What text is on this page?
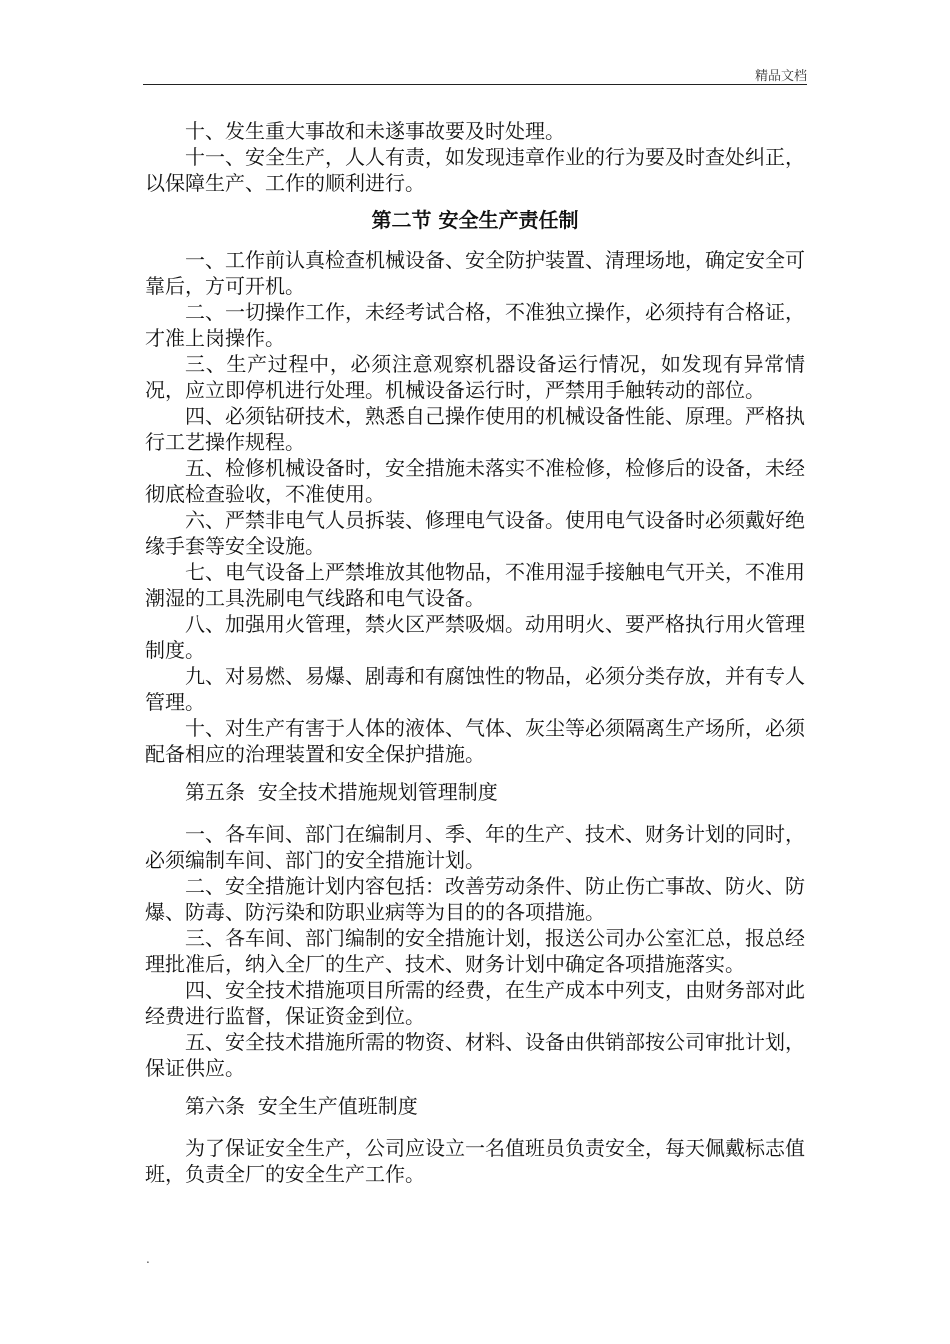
精品文档

十、发生重大事故和未遂事故要及时处理。

十一、安全生产，人人有责，如发现违章作业的行为要及时查处纠正，以保障生产、工作的顺利进行。

第二节 安全生产责任制

一、工作前认真检查机械设备、安全防护装置、清理场地，确定安全可靠后，方可开机。

二、一切操作工作，未经考试合格，不准独立操作，必须持有合格证，才准上岗操作。

三、生产过程中，必须注意观察机器设备运行情况，如发现有异常情况，应立即停机进行处理。机械设备运行时，严禁用手触转动的部位。

四、必须钻研技术，熟悉自己操作使用的机械设备性能、原理。严格执行工艺操作规程。

五、检修机械设备时，安全措施未落实不准检修，检修后的设备，未经彻底检查验收，不准使用。

六、严禁非电气人员拆装、修理电气设备。使用电气设备时必须戴好绝缘手套等安全设施。

七、电气设备上严禁堆放其他物品，不准用湿手接触电气开关，不准用潮湿的工具洗刷电气线路和电气设备。

八、加强用火管理，禁火区严禁吸烟。动用明火、要严格执行用火管理制度。

九、对易燃、易爆、剧毒和有腐蚀性的物品，必须分类存放，并有专人管理。

十、对生产有害于人体的液体、气体、灰尘等必须隔离生产场所，必须配备相应的治理装置和安全保护措施。

第五条 安全技术措施规划管理制度

一、各车间、部门在编制月、季、年的生产、技术、财务计划的同时，必须编制车间、部门的安全措施计划。

二、安全措施计划内容包括：改善劳动条件、防止伤亡事故、防火、防爆、防毒、防污染和防职业病等为目的的各项措施。

三、各车间、部门编制的安全措施计划，报送公司办公室汇总，报总经理批准后，纳入全厂的生产、技术、财务计划中确定各项措施落实。

四、安全技术措施项目所需的经费，在生产成本中列支，由财务部对此经费进行监督，保证资金到位。

五、安全技术措施所需的物资、材料、设备由供销部按公司审批计划，保证供应。

第六条 安全生产值班制度

为了保证安全生产，公司应设立一名值班员负责安全，每天佩戴标志值班，负责全厂的安全生产工作。

.
